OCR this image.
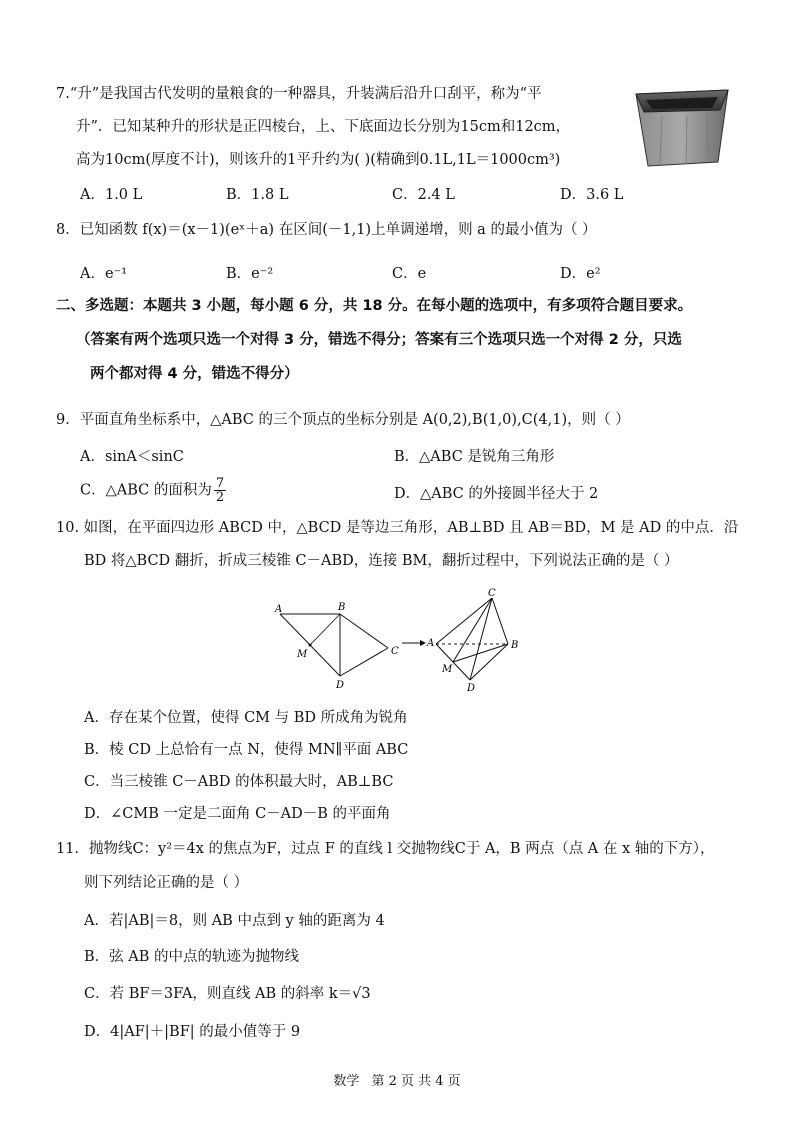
7.“升”是我国古代发明的量粮食的一种器具，升装满后沿升口刮平，称为“平
升”．已知某种升的形状是正四棱台，上、下底面边长分别为15cm和12cm，
高为10cm(厚度不计)，则该升的1平升约为( )(精确到0.1L,1L＝1000cm³)
A．1.0 L	B．1.8 L	C．2.4 L	D．3.6 L
8．已知函数 f(x)＝(x－1)(eˣ＋a) 在区间(－1,1)上单调递增，则 a 的最小值为（ ）
A．e⁻¹	B．e⁻²	C．e	D．e²
二、多选题：本题共 3 小题，每小题 6 分，共 18 分。在每小题的选项中，有多项符合题目要求。
（答案有两个选项只选一个对得 3 分，错选不得分；答案有三个选项只选一个对得 2 分，只选
两个都对得 4 分，错选不得分）
9．平面直角坐标系中，△ABC 的三个顶点的坐标分别是 A(0,2),B(1,0),C(4,1)，则（ ）
A．sinA＜sinC	B．△ABC 是锐角三角形
C．△ABC 的面积为 $\frac{7}{2}$	D．△ABC 的外接圆半径大于 2
10. 如图，在平面四边形 ABCD 中，△BCD 是等边三角形，AB⊥BD 且 AB＝BD，M 是 AD 的中点．沿
BD 将△BCD 翻折，折成三棱锥 C－ABD，连接 BM，翻折过程中，下列说法正确的是（ ）
A	B
C
D
M
C
A	B
D
M
A．存在某个位置，使得 CM 与 BD 所成角为锐角
B．棱 CD 上总恰有一点 N，使得 MN∥平面 ABC
C．当三棱锥 C－ABD 的体积最大时，AB⊥BC
D．∠CMB 一定是二面角 C－AD－B 的平面角
11．抛物线C：y²＝4x 的焦点为F，过点 F 的直线 l 交抛物线C于 A，B 两点（点 A 在 x 轴的下方），
则下列结论正确的是（ ）
A．若|AB|＝8，则 AB 中点到 y 轴的距离为 4
B．弦 AB 的中点的轨迹为抛物线
C．若 BF＝3FA，则直线 AB 的斜率 k＝√3
D．4|AF|＋|BF| 的最小值等于 9
数学 第 2 页 共 4 页
